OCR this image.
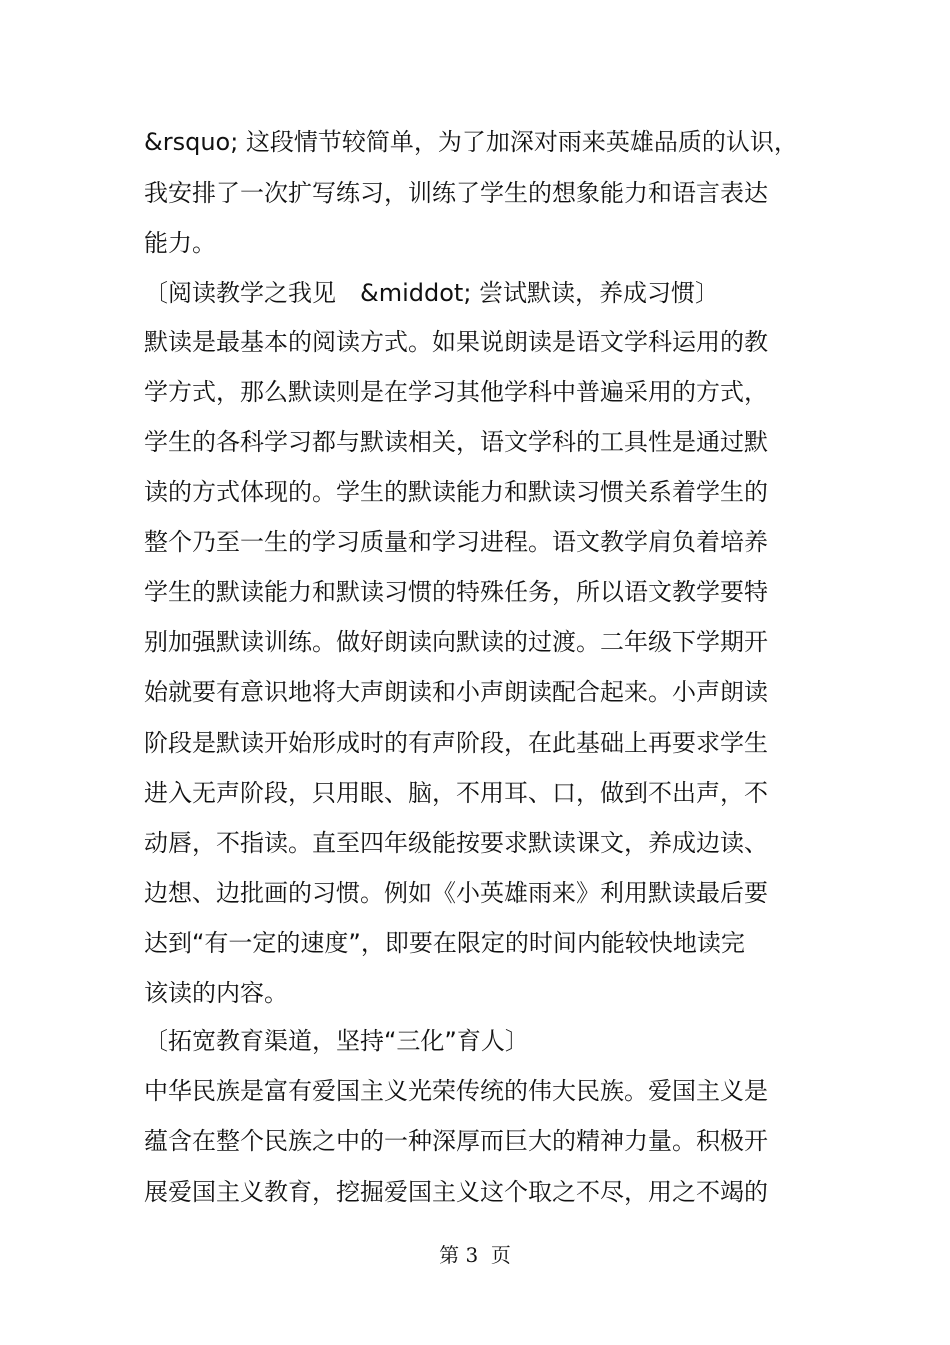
&rsquo; 这段情节较简单，为了加深对雨来英雄品质的认识，
我安排了一次扩写练习，训练了学生的想象能力和语言表达
能力。
〔阅读教学之我见　&middot; 尝试默读，养成习惯〕
默读是最基本的阅读方式。如果说朗读是语文学科运用的教
学方式，那么默读则是在学习其他学科中普遍采用的方式，
学生的各科学习都与默读相关，语文学科的工具性是通过默
读的方式体现的。学生的默读能力和默读习惯关系着学生的
整个乃至一生的学习质量和学习进程。语文教学肩负着培养
学生的默读能力和默读习惯的特殊任务，所以语文教学要特
别加强默读训练。做好朗读向默读的过渡。二年级下学期开
始就要有意识地将大声朗读和小声朗读配合起来。小声朗读
阶段是默读开始形成时的有声阶段，在此基础上再要求学生
进入无声阶段，只用眼、脑，不用耳、口，做到不出声，不
动唇，不指读。直至四年级能按要求默读课文，养成边读、
边想、边批画的习惯。例如《小英雄雨来》利用默读最后要
达到“有一定的速度”，即要在限定的时间内能较快地读完
该读的内容。
〔拓宽教育渠道，坚持“三化”育人〕
中华民族是富有爱国主义光荣传统的伟大民族。爱国主义是
蕴含在整个民族之中的一种深厚而巨大的精神力量。积极开
展爱国主义教育，挖掘爱国主义这个取之不尽，用之不竭的
第 3  页
